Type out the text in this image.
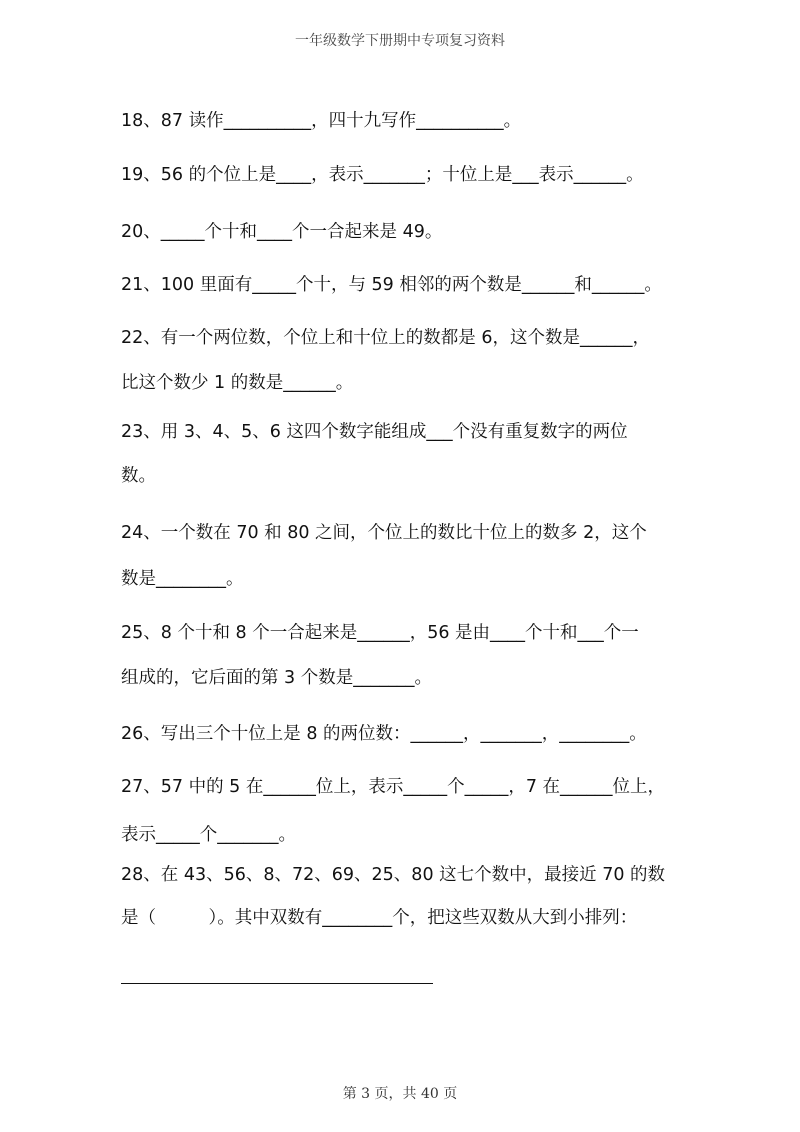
一年级数学下册期中专项复习资料
18、87 读作__________，四十九写作__________。
19、56 的个位上是____，表示_______；十位上是___表示______。
20、_____个十和____个一合起来是 49。
21、100 里面有_____个十，与 59 相邻的两个数是______和______。
22、有一个两位数，个位上和十位上的数都是 6，这个数是______，
比这个数少 1 的数是______。
23、用 3、4、5、6 这四个数字能组成___个没有重复数字的两位
数。
24、一个数在 70 和 80 之间，个位上的数比十位上的数多 2，这个
数是________。
25、8 个十和 8 个一合起来是______，56 是由____个十和___个一
组成的，它后面的第 3 个数是_______。
26、写出三个十位上是 8 的两位数：______，_______，________。
27、57 中的 5 在______位上，表示_____个_____，7 在______位上，
表示_____个_______。
28、在 43、56、8、72、69、25、80 这七个数中，最接近 70 的数
是（　　　）。其中双数有________个，把这些双数从大到小排列：
第 3 页，共 40 页
